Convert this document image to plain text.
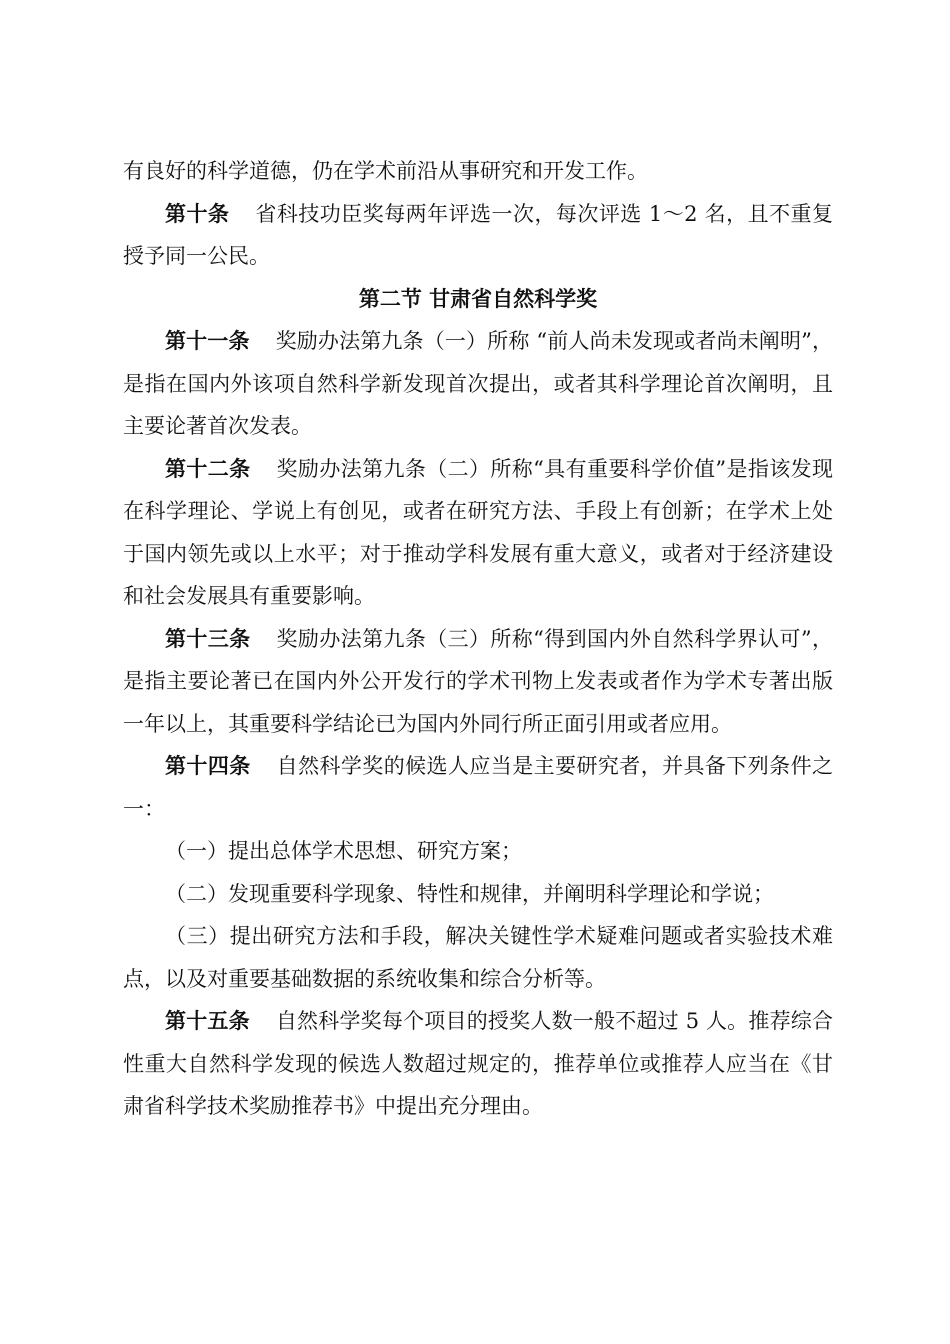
有良好的科学道德，仍在学术前沿从事研究和开发工作。

第十条 省科技功臣奖每两年评选一次，每次评选 1～2 名，且不重复授予同一公民。

第二节 甘肃省自然科学奖

第十一条 奖励办法第九条（一）所称 “前人尚未发现或者尚未阐明”，是指在国内外该项自然科学新发现首次提出，或者其科学理论首次阐明，且主要论著首次发表。

第十二条 奖励办法第九条（二）所称“具有重要科学价值”是指该发现在科学理论、学说上有创见，或者在研究方法、手段上有创新；在学术上处于国内领先或以上水平；对于推动学科发展有重大意义，或者对于经济建设和社会发展具有重要影响。

第十三条 奖励办法第九条（三）所称“得到国内外自然科学界认可”，是指主要论著已在国内外公开发行的学术刊物上发表或者作为学术专著出版一年以上，其重要科学结论已为国内外同行所正面引用或者应用。

第十四条 自然科学奖的候选人应当是主要研究者，并具备下列条件之一：

（一）提出总体学术思想、研究方案；

（二）发现重要科学现象、特性和规律，并阐明科学理论和学说；

（三）提出研究方法和手段，解决关键性学术疑难问题或者实验技术难点，以及对重要基础数据的系统收集和综合分析等。

第十五条 自然科学奖每个项目的授奖人数一般不超过 5 人。推荐综合性重大自然科学发现的候选人数超过规定的，推荐单位或推荐人应当在《甘肃省科学技术奖励推荐书》中提出充分理由。
